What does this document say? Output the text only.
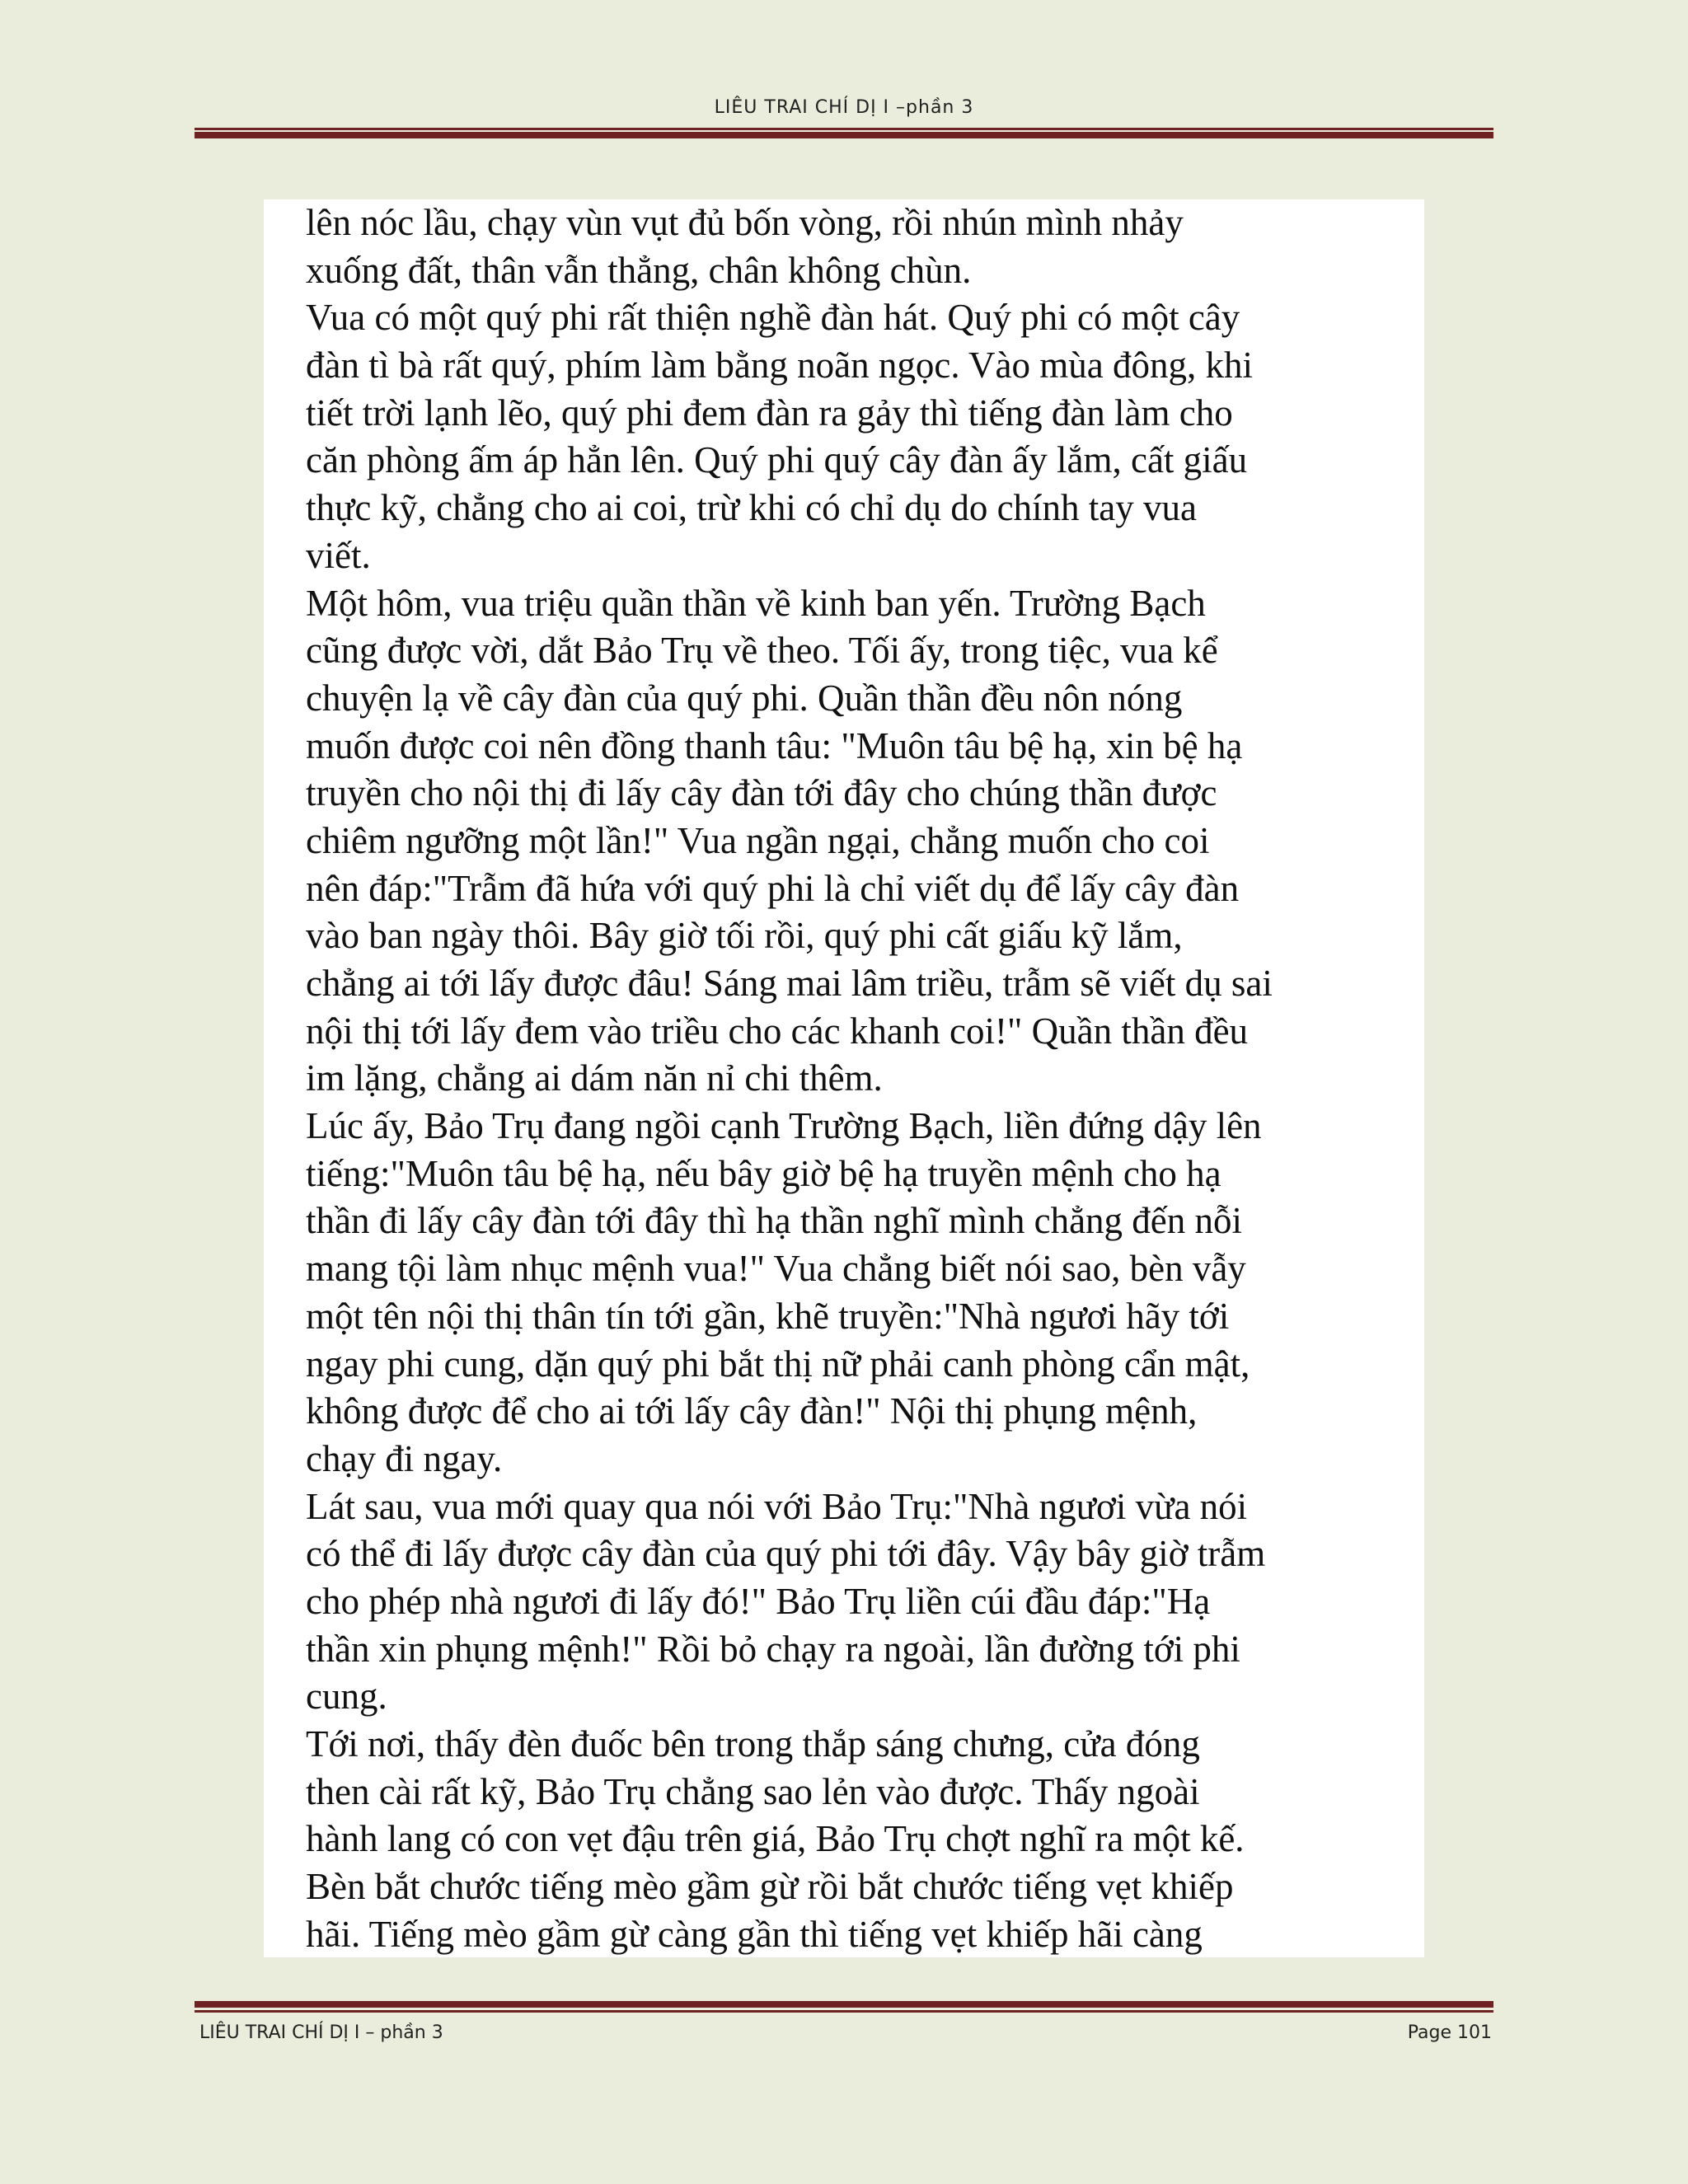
LIÊU TRAI CHÍ DỊ I –phần 3
lên nóc lầu, chạy vùn vụt đủ bốn vòng, rồi nhún mình nhảy
xuống đất, thân vẫn thẳng, chân không chùn.
Vua có một quý phi rất thiện nghề đàn hát. Quý phi có một cây
đàn tì bà rất quý, phím làm bằng noãn ngọc. Vào mùa đông, khi
tiết trời lạnh lẽo, quý phi đem đàn ra gảy thì tiếng đàn làm cho
căn phòng ấm áp hẳn lên. Quý phi quý cây đàn ấy lắm, cất giấu
thực kỹ, chẳng cho ai coi, trừ khi có chỉ dụ do chính tay vua
viết.
Một hôm, vua triệu quần thần về kinh ban yến. Trường Bạch
cũng được vời, dắt Bảo Trụ về theo. Tối ấy, trong tiệc, vua kể
chuyện lạ về cây đàn của quý phi. Quần thần đều nôn nóng
muốn được coi nên đồng thanh tâu: "Muôn tâu bệ hạ, xin bệ hạ
truyền cho nội thị đi lấy cây đàn tới đây cho chúng thần được
chiêm ngưỡng một lần!" Vua ngần ngại, chẳng muốn cho coi
nên đáp:"Trẫm đã hứa với quý phi là chỉ viết dụ để lấy cây đàn
vào ban ngày thôi. Bây giờ tối rồi, quý phi cất giấu kỹ lắm,
chẳng ai tới lấy được đâu! Sáng mai lâm triều, trẫm sẽ viết dụ sai
nội thị tới lấy đem vào triều cho các khanh coi!" Quần thần đều
im lặng, chẳng ai dám năn nỉ chi thêm.
Lúc ấy, Bảo Trụ đang ngồi cạnh Trường Bạch, liền đứng dậy lên
tiếng:"Muôn tâu bệ hạ, nếu bây giờ bệ hạ truyền mệnh cho hạ
thần đi lấy cây đàn tới đây thì hạ thần nghĩ mình chẳng đến nỗi
mang tội làm nhục mệnh vua!" Vua chẳng biết nói sao, bèn vẫy
một tên nội thị thân tín tới gần, khẽ truyền:"Nhà ngươi hãy tới
ngay phi cung, dặn quý phi bắt thị nữ phải canh phòng cẩn mật,
không được để cho ai tới lấy cây đàn!" Nội thị phụng mệnh,
chạy đi ngay.
Lát sau, vua mới quay qua nói với Bảo Trụ:"Nhà ngươi vừa nói
có thể đi lấy được cây đàn của quý phi tới đây. Vậy bây giờ trẫm
cho phép nhà ngươi đi lấy đó!" Bảo Trụ liền cúi đầu đáp:"Hạ
thần xin phụng mệnh!" Rồi bỏ chạy ra ngoài, lần đường tới phi
cung.
Tới nơi, thấy đèn đuốc bên trong thắp sáng chưng, cửa đóng
then cài rất kỹ, Bảo Trụ chẳng sao lẻn vào được. Thấy ngoài
hành lang có con vẹt đậu trên giá, Bảo Trụ chợt nghĩ ra một kế.
Bèn bắt chước tiếng mèo gầm gừ rồi bắt chước tiếng vẹt khiếp
hãi. Tiếng mèo gầm gừ càng gần thì tiếng vẹt khiếp hãi càng
LIÊU TRAI CHÍ DỊ I – phần 3	Page 101
